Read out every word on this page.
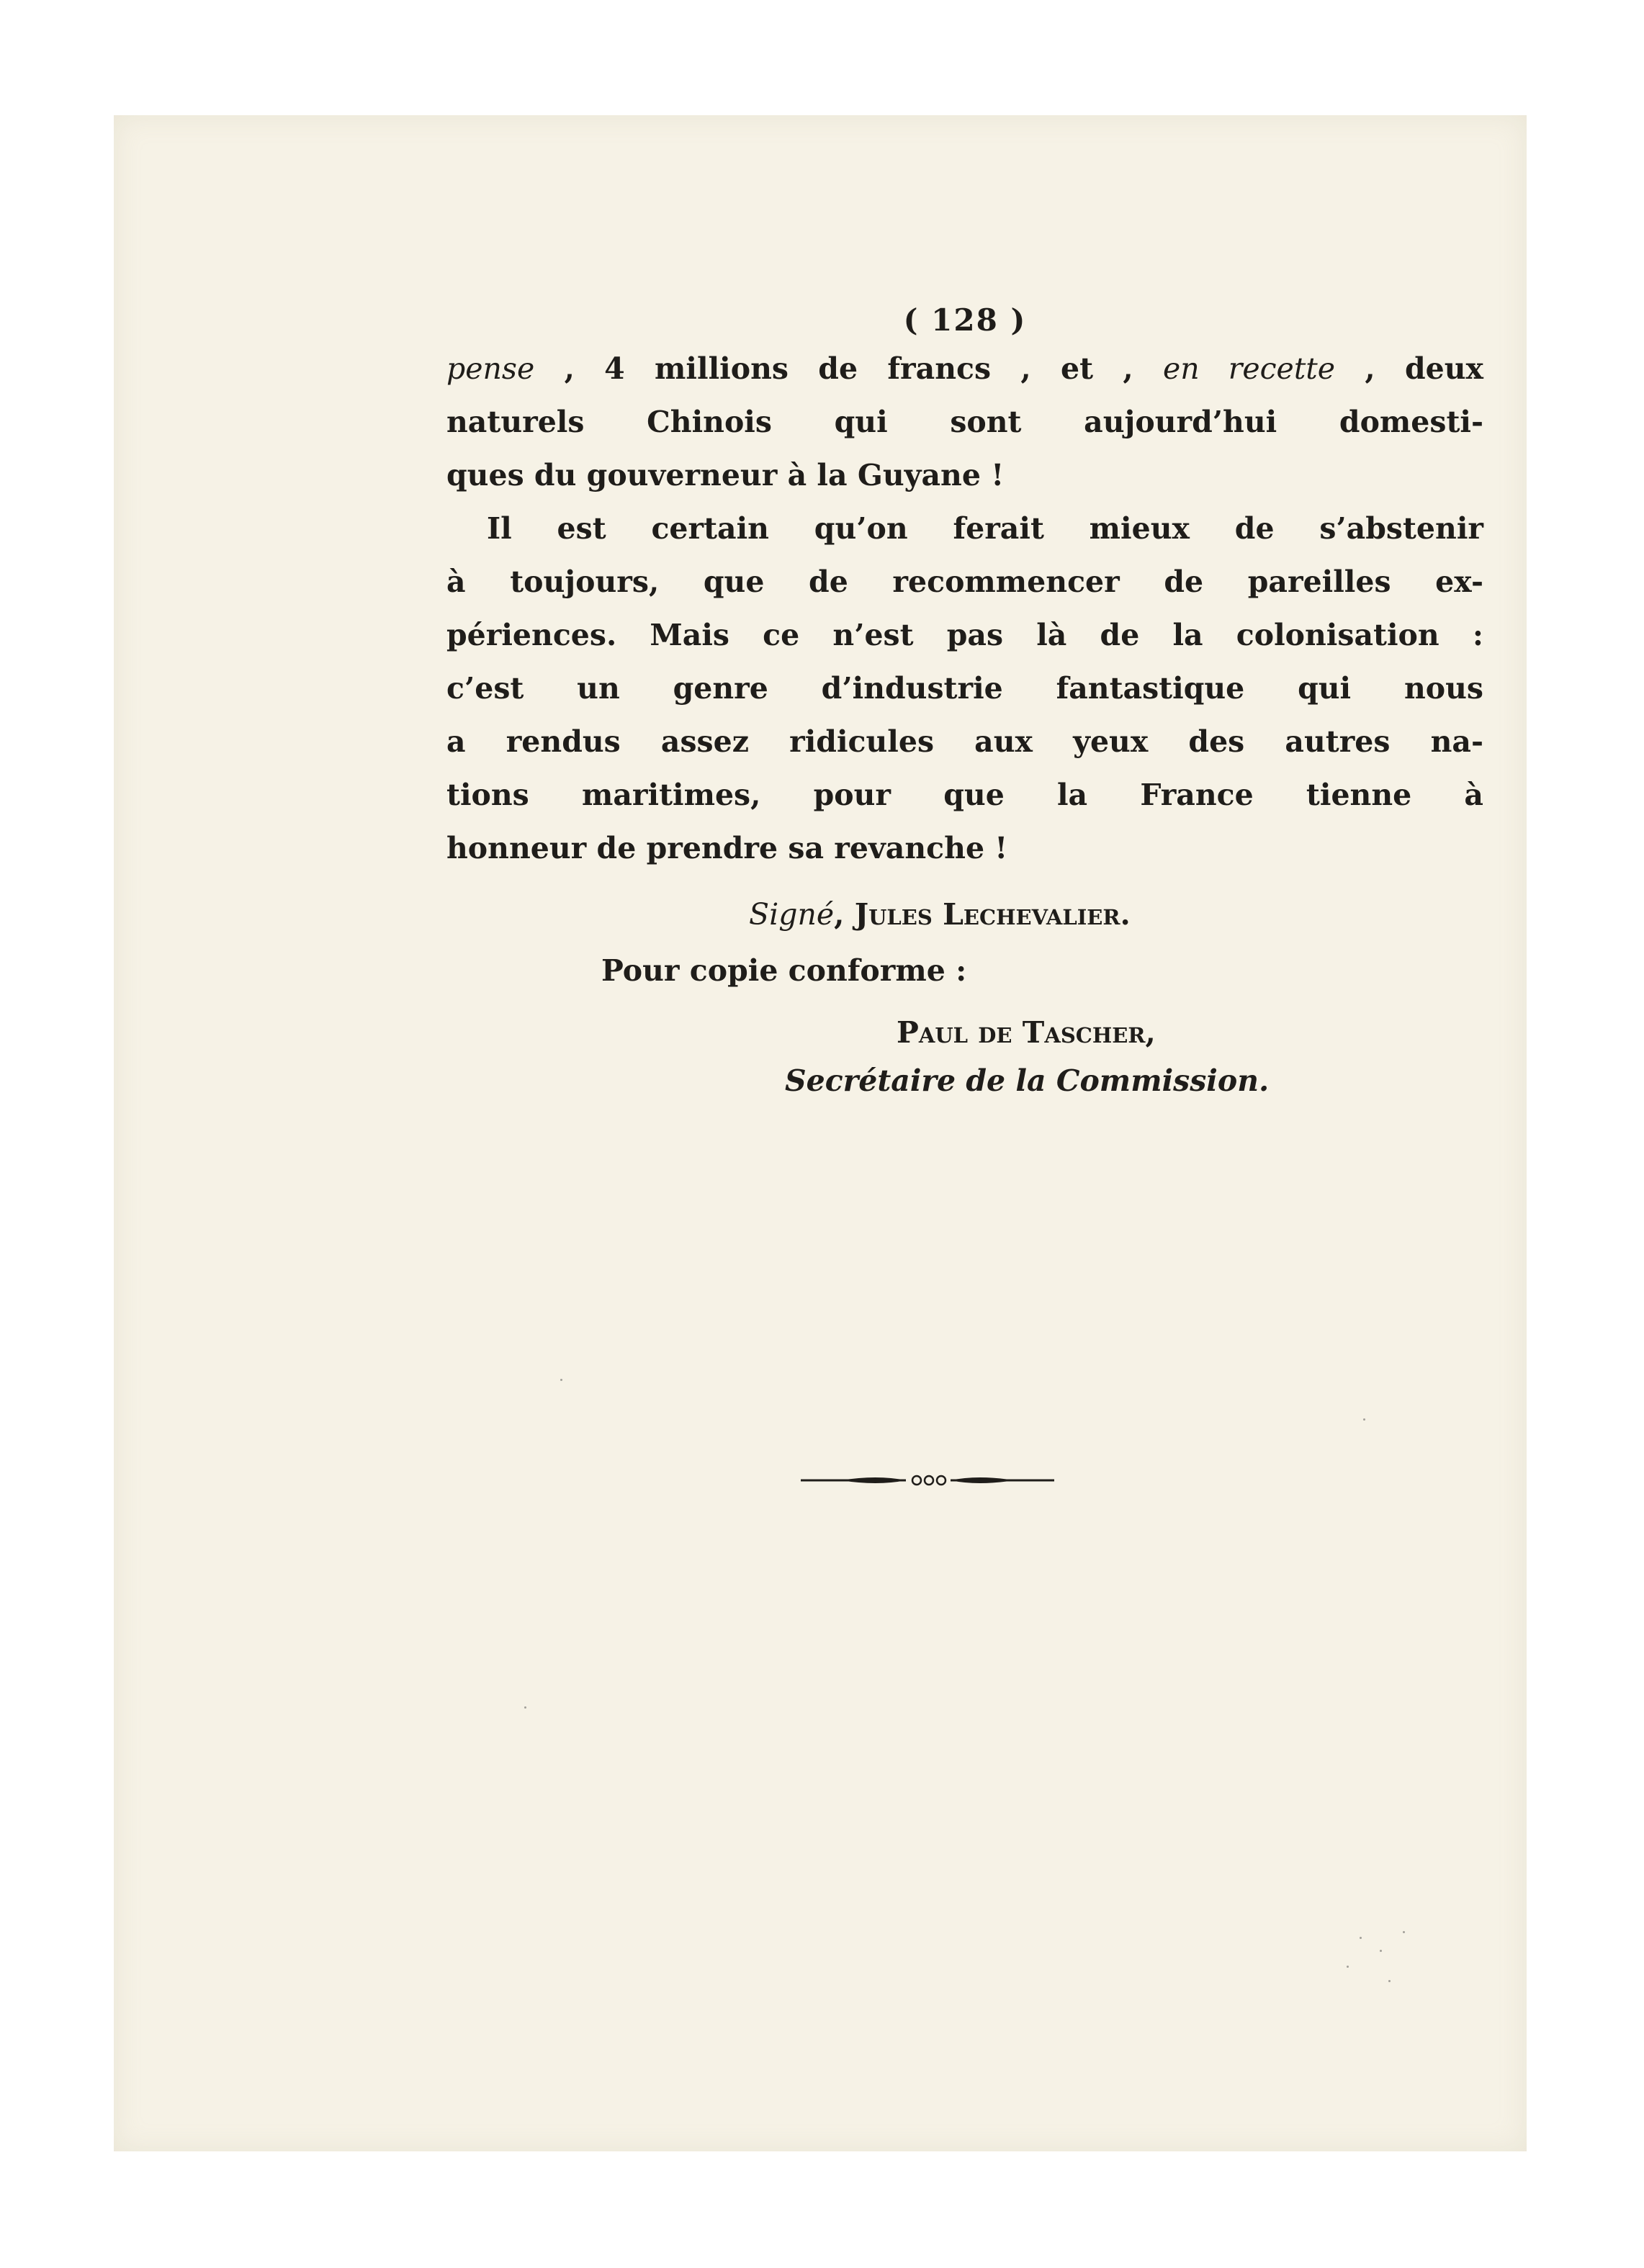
( 128 )

pense , 4 millions de francs , et , en recette , deux
naturels Chinois qui sont aujourd’hui domesti-
ques du gouverneur à la Guyane !

Il est certain qu’on ferait mieux de s’abstenir
à toujours, que de recommencer de pareilles ex-
périences. Mais ce n’est pas là de la colonisation :
c’est un genre d’industrie fantastique qui nous
a rendus assez ridicules aux yeux des autres na-
tions maritimes, pour que la France tienne à
honneur de prendre sa revanche !

Signé, Jules Lechevalier.
Pour copie conforme :
Paul de Tascher,
Secrétaire de la Commission.
